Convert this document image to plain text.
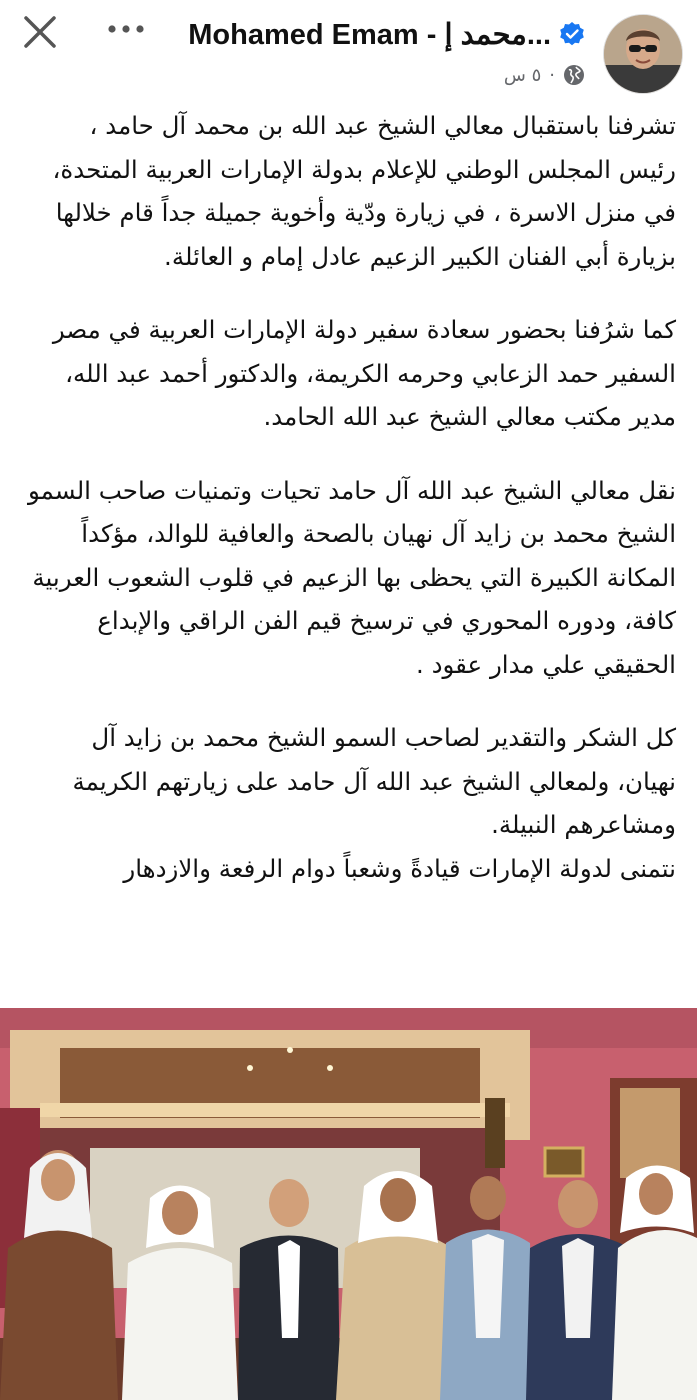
Mohamed Emam - محمد إ...
٥ س ·

تشرفنا باستقبال معالي الشيخ عبد الله بن محمد آل حامد ، رئيس المجلس الوطني للإعلام بدولة الإمارات العربية المتحدة، في منزل الاسرة ، في زيارة ودّية وأخوية جميلة جداً قام خلالها بزيارة أبي الفنان الكبير الزعيم عادل إمام و العائلة.

كما شرُفنا بحضور سعادة سفير دولة الإمارات العربية في مصر السفير حمد الزعابي وحرمه الكريمة، والدكتور أحمد عبد الله، مدير مكتب معالي الشيخ عبد الله الحامد.

نقل معالي الشيخ عبد الله آل حامد تحيات وتمنيات صاحب السمو الشيخ محمد بن زايد آل نهيان بالصحة والعافية للوالد، مؤكداً المكانة الكبيرة التي يحظى بها الزعيم في قلوب الشعوب العربية كافة، ودوره المحوري في ترسيخ قيم الفن الراقي والإبداع الحقيقي علي مدار عقود .

كل الشكر والتقدير لصاحب السمو الشيخ محمد بن زايد آل نهيان، ولمعالي الشيخ عبد الله آل حامد على زيارتهم الكريمة ومشاعرهم النبيلة.

نتمنى لدولة الإمارات قيادةً وشعباً دوام الرفعة والازدهار
